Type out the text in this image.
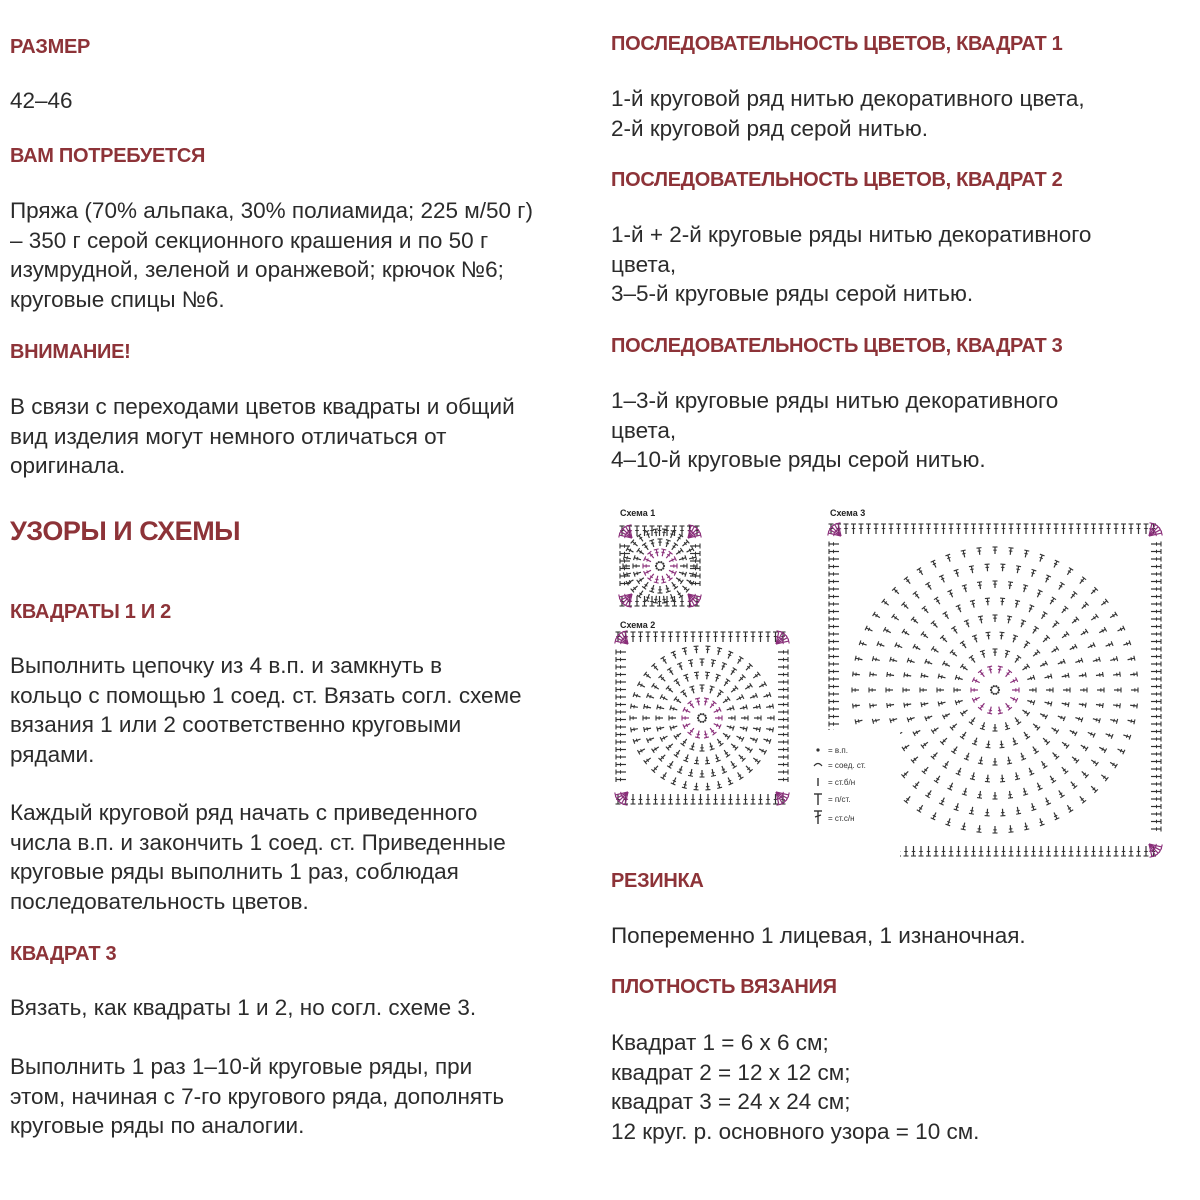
РАЗМЕР

42–46

ВАМ ПОТРЕБУЕТСЯ

Пряжа (70% альпака, 30% полиамида; 225 м/50 г)
– 350 г серой секционного крашения и по 50 г
изумрудной, зеленой и оранжевой; крючок №6;
круговые спицы №6.

ВНИМАНИЕ!

В связи с переходами цветов квадраты и общий
вид изделия могут немного отличаться от
оригинала.

УЗОРЫ И СХЕМЫ
КВАДРАТЫ 1 И 2

Выполнить цепочку из 4 в.п. и замкнуть в
кольцо с помощью 1 соед. ст. Вязать согл. схеме
вязания 1 или 2 соответственно круговыми
рядами.

Каждый круговой ряд начать с приведенного
числа в.п. и закончить 1 соед. ст. Приведенные
круговые ряды выполнить 1 раз, соблюдая
последовательность цветов.

КВАДРАТ 3

Вязать, как квадраты 1 и 2, но согл. схеме 3.

Выполнить 1 раз 1–10-й круговые ряды, при
этом, начиная с 7-го кругового ряда, дополнять
круговые ряды по аналогии.

ПОСЛЕДОВАТЕЛЬНОСТЬ ЦВЕТОВ, КВАДРАТ 1

1-й круговой ряд нитью декоративного цвета,
2-й круговой ряд серой нитью.

ПОСЛЕДОВАТЕЛЬНОСТЬ ЦВЕТОВ, КВАДРАТ 2

1-й + 2-й круговые ряды нитью декоративного
цвета,
3–5-й круговые ряды серой нитью.

ПОСЛЕДОВАТЕЛЬНОСТЬ ЦВЕТОВ, КВАДРАТ 3

1–3-й круговые ряды нитью декоративного
цвета,
4–10-й круговые ряды серой нитью.

РЕЗИНКА

Попеременно 1 лицевая, 1 изнаночная.

ПЛОТНОСТЬ ВЯЗАНИЯ

Квадрат 1 = 6 х 6 см;
квадрат 2 = 12 х 12 см;
квадрат 3 = 24 х 24 см;
12 круг. р. основного узора = 10 см.

Схема 1
Схема 2
Схема 3
= в.п.
= соед. ст.
= ст.б/н
= п/ст.
= ст.с/н
